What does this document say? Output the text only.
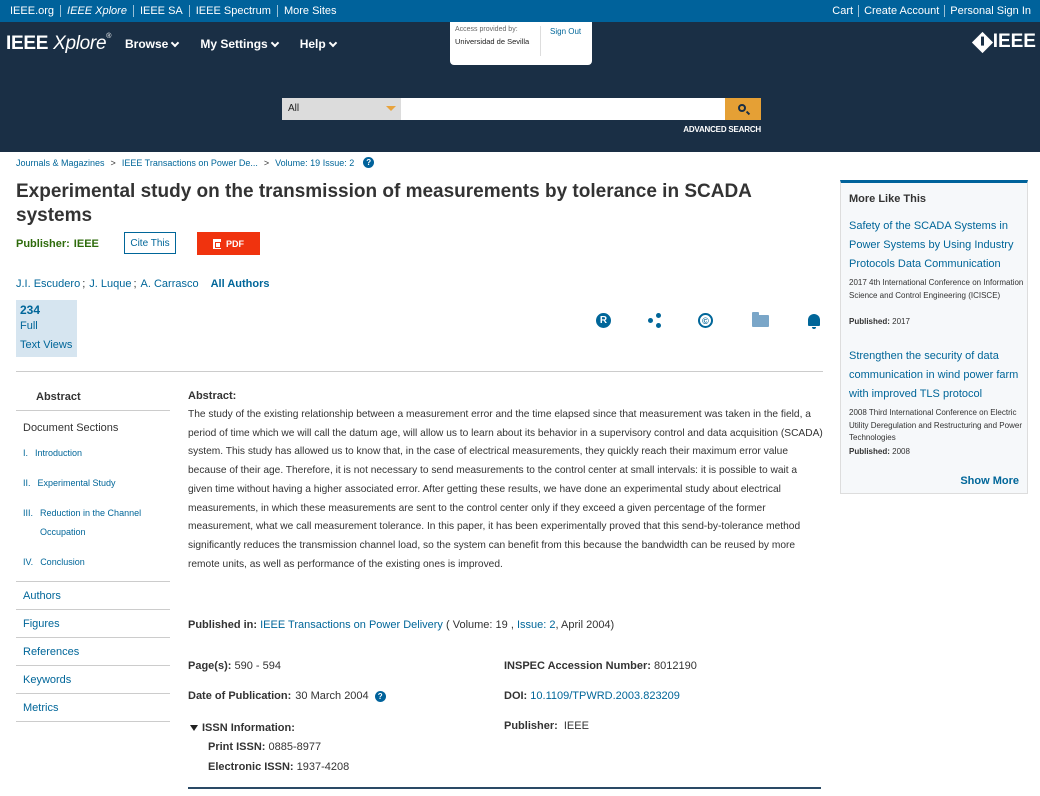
IEEE.org	IEEE Xplore	IEEE SA	IEEE Spectrum	More Sites	Cart	Create Account	Personal Sign In
IEEE Xplore®
Browse	My Settings	Help
Access provided by:
Universidad de Sevilla
Sign Out	IEEE
All
ADVANCED SEARCH
Journals & Magazines > IEEE Transactions on Power De... > Volume: 19 Issue: 2	?
Experimental study on the transmission of measurements by tolerance in SCADA systems
Publisher: IEEE	Cite This	PDF
J.I. Escudero ; J. Luque ; A. Carrasco All Authors
234
Full
Text Views
R	©
Abstract
Document Sections
I. Introduction
II. Experimental Study
III. Reduction in the Channel
Occupation
IV. Conclusion
Authors
Figures
References
Keywords
Metrics
Abstract:
The study of the existing relationship between a measurement error and the time elapsed since that measurement was taken in the field, a period of time which we will call the datum age, will allow us to learn about its behavior in a supervisory control and data acquisition (SCADA) system. This study has allowed us to know that, in the case of electrical measurements, they quickly reach their maximum error value because of their age. Therefore, it is not necessary to send measurements to the control center at small intervals: it is possible to wait a given time without having a higher associated error. After getting these results, we have done an experimental study about electrical measurements, in which these measurements are sent to the control center only if they exceed a given percentage of the former measurement, what we call measurement tolerance. In this paper, it has been experimentally proved that this send-by-tolerance method significantly reduces the transmission channel load, so the system can benefit from this because the bandwidth can be reused by more remote units, as well as performance of the existing ones is improved.
Published in: IEEE Transactions on Power Delivery ( Volume: 19 , Issue: 2, April 2004)
Page(s): 590 - 594
Date of Publication: 30 March 2004	?
ISSN Information:
Print ISSN: 0885-8977
Electronic ISSN: 1937-4208
INSPEC Accession Number: 8012190
DOI: 10.1109/TPWRD.2003.823209
Publisher: IEEE
More Like This
Safety of the SCADA Systems in Power Systems by Using Industry Protocols Data Communication
2017 4th International Conference on Information Science and Control Engineering (ICISCE)
Published: 2017
Strengthen the security of data communication in wind power farm with improved TLS protocol
2008 Third International Conference on Electric Utility Deregulation and Restructuring and Power Technologies
Published: 2008
Show More
